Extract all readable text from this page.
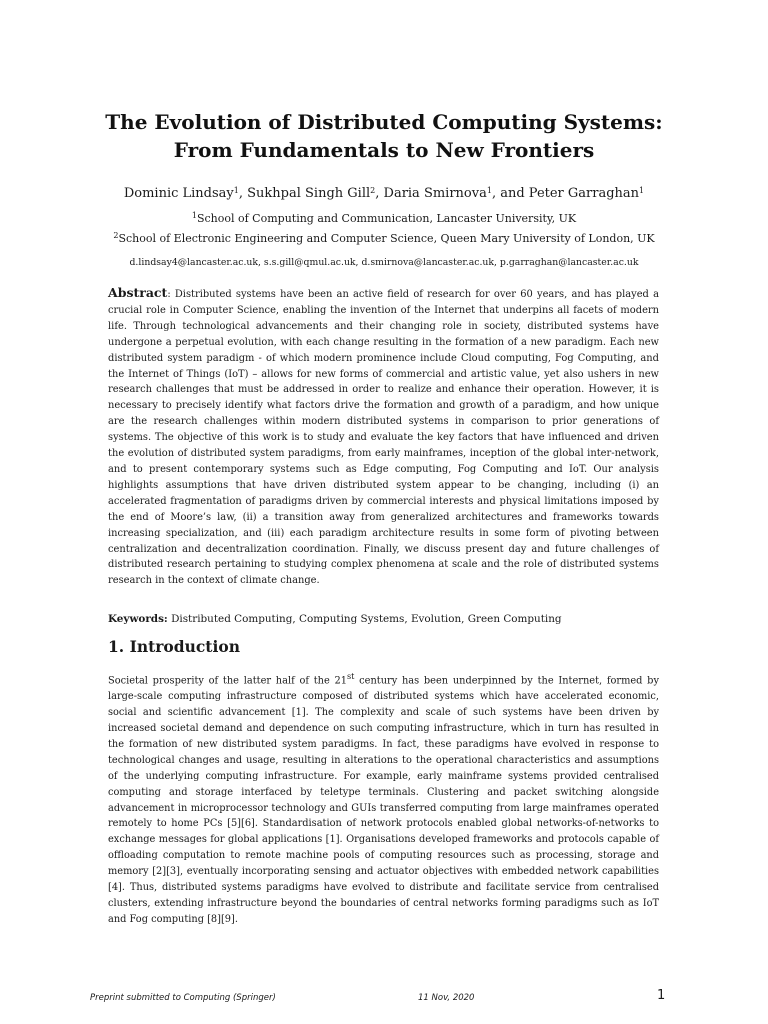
The Evolution of Distributed Computing Systems:
From Fundamentals to New Frontiers
Dominic Lindsay$^1$, Sukhpal Singh Gill$^2$, Daria Smirnova$^1$, and Peter Garraghan$^1$
$^1$School of Computing and Communication, Lancaster University, UK
$^2$School of Electronic Engineering and Computer Science, Queen Mary University of London, UK
d.lindsay4@lancaster.ac.uk, s.s.gill@qmul.ac.uk, d.smirnova@lancaster.ac.uk, p.garraghan@lancaster.ac.uk
Abstract: Distributed systems have been an active field of research for over 60 years, and has played a crucial role in Computer Science, enabling the invention of the Internet that underpins all facets of modern life. Through technological advancements and their changing role in society, distributed systems have undergone a perpetual evolution, with each change resulting in the formation of a new paradigm. Each new distributed system paradigm - of which modern prominence include Cloud computing, Fog Computing, and the Internet of Things (IoT) – allows for new forms of commercial and artistic value, yet also ushers in new research challenges that must be addressed in order to realize and enhance their operation. However, it is necessary to precisely identify what factors drive the formation and growth of a paradigm, and how unique are the research challenges within modern distributed systems in comparison to prior generations of systems. The objective of this work is to study and evaluate the key factors that have influenced and driven the evolution of distributed system paradigms, from early mainframes, inception of the global inter-network, and to present contemporary systems such as Edge computing, Fog Computing and IoT. Our analysis highlights assumptions that have driven distributed system appear to be changing, including (i) an accelerated fragmentation of paradigms driven by commercial interests and physical limitations imposed by the end of Moore’s law, (ii) a transition away from generalized architectures and frameworks towards increasing specialization, and (iii) each paradigm architecture results in some form of pivoting between centralization and decentralization coordination. Finally, we discuss present day and future challenges of distributed research pertaining to studying complex phenomena at scale and the role of distributed systems research in the context of climate change.
Keywords: Distributed Computing, Computing Systems, Evolution, Green Computing
1. Introduction
Societal prosperity of the latter half of the 21st century has been underpinned by the Internet, formed by large-scale computing infrastructure composed of distributed systems which have accelerated economic, social and scientific advancement [1]. The complexity and scale of such systems have been driven by increased societal demand and dependence on such computing infrastructure, which in turn has resulted in the formation of new distributed system paradigms. In fact, these paradigms have evolved in response to technological changes and usage, resulting in alterations to the operational characteristics and assumptions of the underlying computing infrastructure. For example, early mainframe systems provided centralised computing and storage interfaced by teletype terminals. Clustering and packet switching alongside advancement in microprocessor technology and GUIs transferred computing from large mainframes operated remotely to home PCs [5][6]. Standardisation of network protocols enabled global networks-of-networks to exchange messages for global applications [1]. Organisations developed frameworks and protocols capable of offloading computation to remote machine pools of computing resources such as processing, storage and memory [2][3], eventually incorporating sensing and actuator objectives with embedded network capabilities [4]. Thus, distributed systems paradigms have evolved to distribute and facilitate service from centralised clusters, extending infrastructure beyond the boundaries of central networks forming paradigms such as IoT and Fog computing [8][9].
Preprint submitted to Computing (Springer)	11 Nov, 2020	1
